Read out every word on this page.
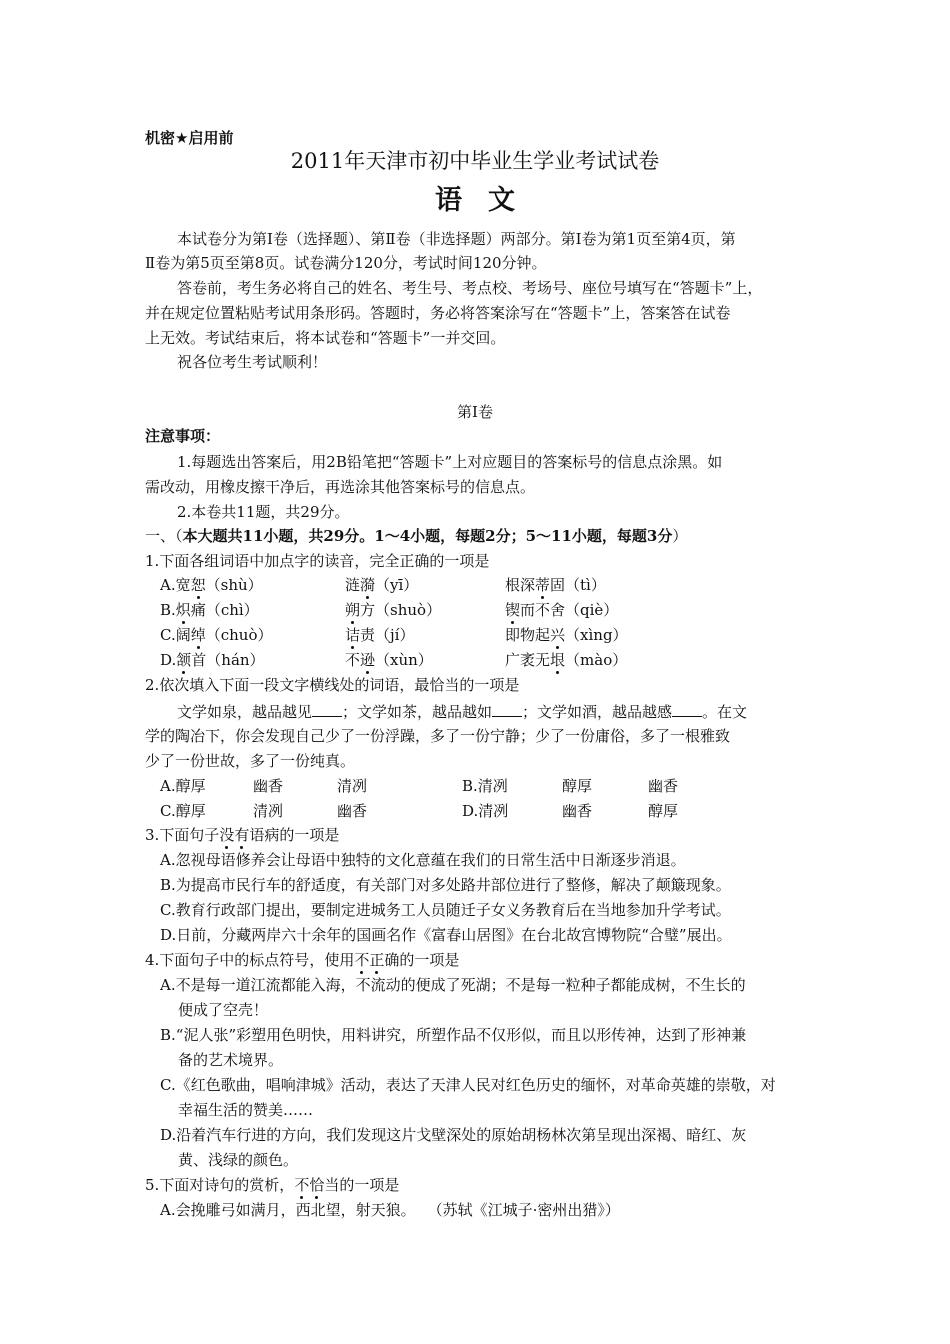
机密★启用前
2011年天津市初中毕业生学业考试试卷
语文
本试卷分为第Ⅰ卷（选择题）、第Ⅱ卷（非选择题）两部分。第Ⅰ卷为第1页至第4页，第
Ⅱ卷为第5页至第8页。试卷满分120分，考试时间120分钟。
答卷前，考生务必将自己的姓名、考生号、考点校、考场号、座位号填写在“答题卡”上，
并在规定位置粘贴考试用条形码。答题时，务必将答案涂写在“答题卡”上，答案答在试卷
上无效。考试结束后，将本试卷和“答题卡”一并交回。
祝各位考生考试顺利！
第Ⅰ卷
注意事项：
1.每题选出答案后，用2B铅笔把“答题卡”上对应题目的答案标号的信息点涂黑。如
需改动，用橡皮擦干净后，再选涂其他答案标号的信息点。
2.本卷共11题，共29分。
一、（本大题共11小题，共29分。1～4小题，每题2分；5～11小题，每题3分）
1.下面各组词语中加点字的读音，完全正确的一项是
A.宽恕（shù）	涟漪（yī）	根深蒂固（tì）
B.炽痛（chì）	朔方（shuò）	锲而不舍（qiè）
C.阔绰（chuò）	诘责（jí）	即物起兴（xìng）
D.颔首（hán）	不逊（xùn）	广袤无垠（mào）
2.依次填入下面一段文字横线处的词语，最恰当的一项是
文学如泉，越品越见 ；文学如茶，越品越如 ；文学如酒，越品越感 。在文
学的陶冶下，你会发现自己少了一份浮躁，多了一份宁静；少了一份庸俗，多了一根雅致
少了一份世故，多了一份纯真。
A.醇厚	幽香	清冽	B.清冽	醇厚	幽香
C.醇厚	清冽	幽香	D.清冽	幽香	醇厚
3.下面句子没有语病的一项是
A.忽视母语修养会让母语中独特的文化意蕴在我们的日常生活中日渐逐步消退。
B.为提高市民行车的舒适度，有关部门对多处路井部位进行了整修，解决了颠簸现象。
C.教育行政部门提出，要制定进城务工人员随迁子女义务教育后在当地参加升学考试。
D.日前，分藏两岸六十余年的国画名作《富春山居图》在台北故宫博物院“合璧”展出。
4.下面句子中的标点符号，使用不正确的一项是
A.不是每一道江流都能入海，不流动的便成了死湖；不是每一粒种子都能成树，不生长的
便成了空壳！
B.“泥人张”彩塑用色明快，用料讲究，所塑作品不仅形似，而且以形传神，达到了形神兼
备的艺术境界。
C.《红色歌曲，唱响津城》活动，表达了天津人民对红色历史的缅怀，对革命英雄的崇敬，对
幸福生活的赞美……
D.沿着汽车行进的方向，我们发现这片戈壁深处的原始胡杨林次第呈现出深褐、暗红、灰
黄、浅绿的颜色。
5.下面对诗句的赏析，不恰当的一项是
A.会挽雕弓如满月，西北望，射天狼。 （苏轼《江城子·密州出猎》）
